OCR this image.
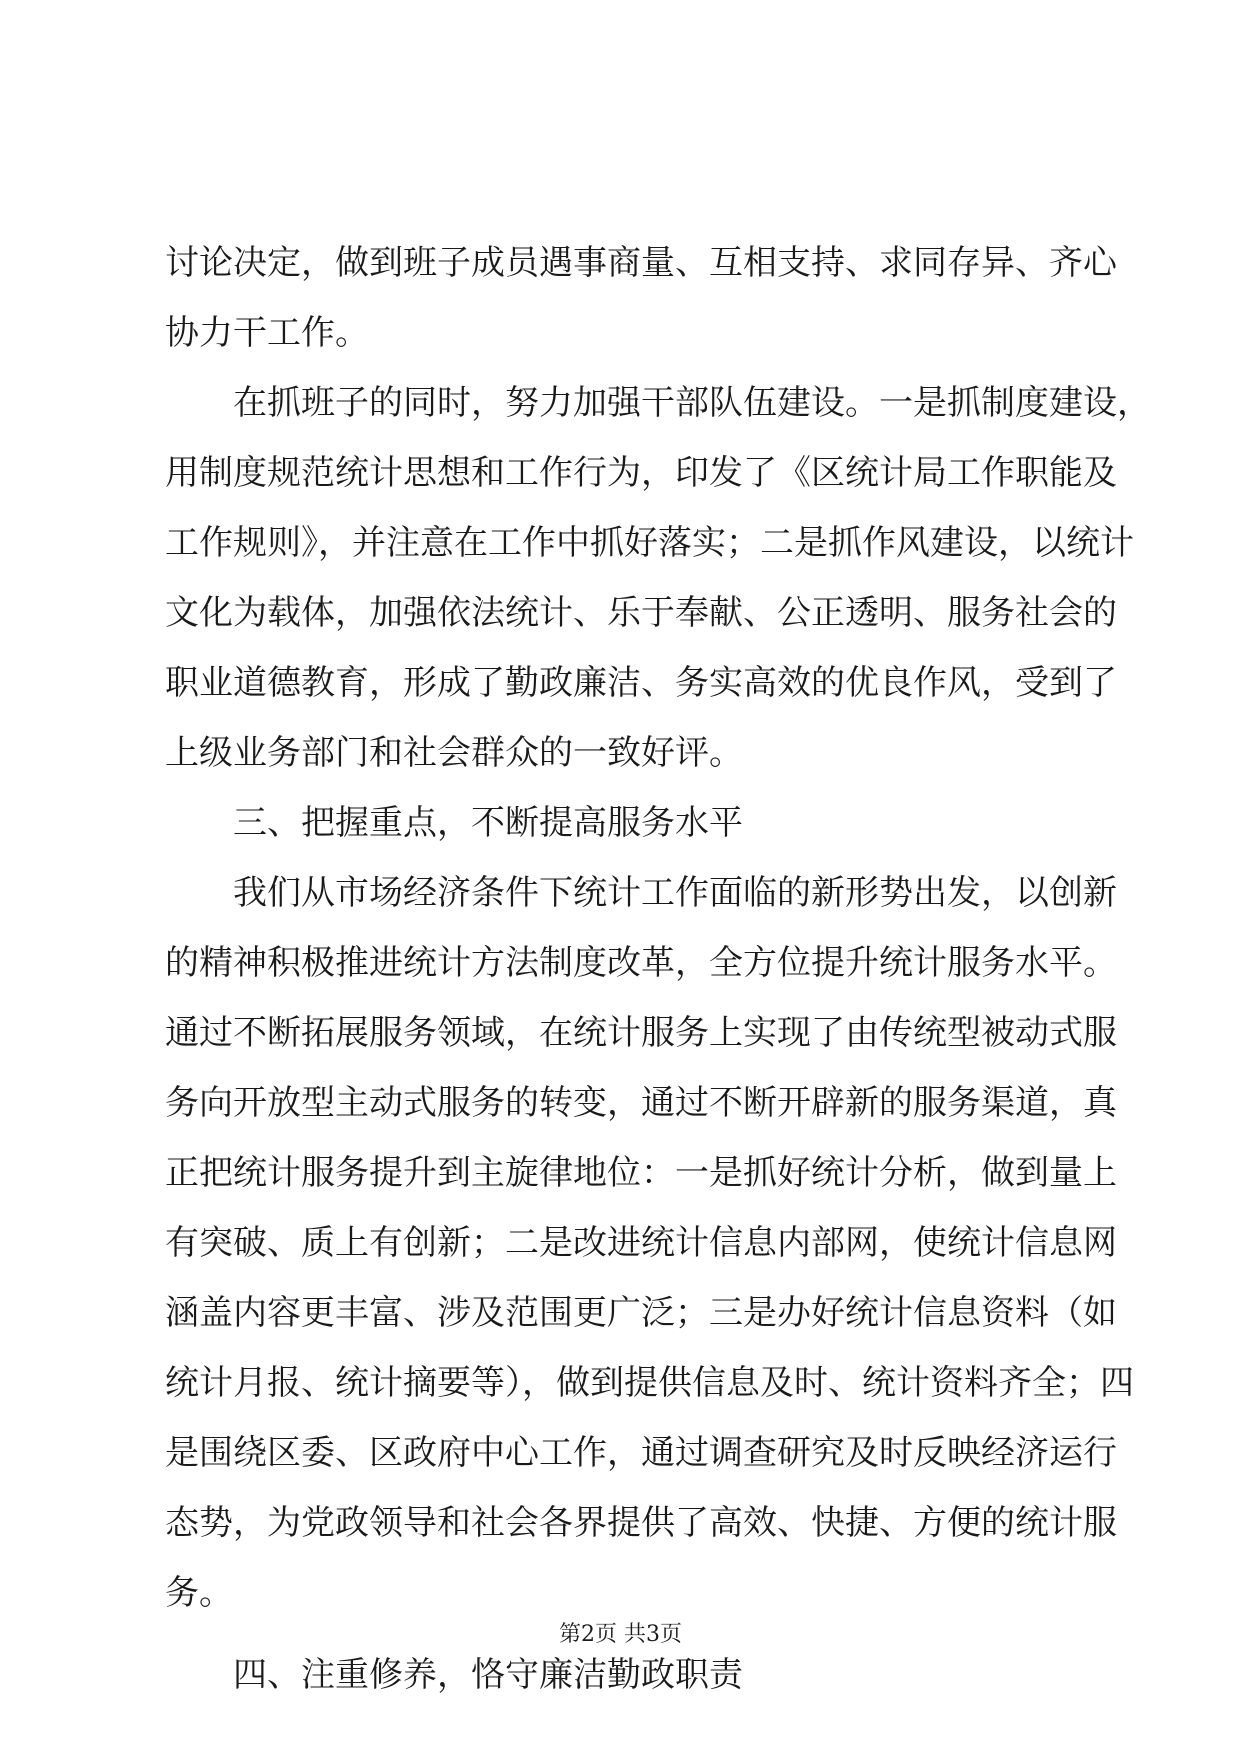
讨论决定，做到班子成员遇事商量、互相支持、求同存异、齐心
协力干工作。
　　在抓班子的同时，努力加强干部队伍建设。一是抓制度建设，
用制度规范统计思想和工作行为，印发了《区统计局工作职能及
工作规则》，并注意在工作中抓好落实；二是抓作风建设，以统计
文化为载体，加强依法统计、乐于奉献、公正透明、服务社会的
职业道德教育，形成了勤政廉洁、务实高效的优良作风，受到了
上级业务部门和社会群众的一致好评。
　　三、把握重点，不断提高服务水平
　　我们从市场经济条件下统计工作面临的新形势出发，以创新
的精神积极推进统计方法制度改革，全方位提升统计服务水平。
通过不断拓展服务领域，在统计服务上实现了由传统型被动式服
务向开放型主动式服务的转变，通过不断开辟新的服务渠道，真
正把统计服务提升到主旋律地位：一是抓好统计分析，做到量上
有突破、质上有创新；二是改进统计信息内部网，使统计信息网
涵盖内容更丰富、涉及范围更广泛；三是办好统计信息资料（如
统计月报、统计摘要等），做到提供信息及时、统计资料齐全；四
是围绕区委、区政府中心工作，通过调查研究及时反映经济运行
态势，为党政领导和社会各界提供了高效、快捷、方便的统计服
务。
　　四、注重修养，恪守廉洁勤政职责
第2页 共3页
